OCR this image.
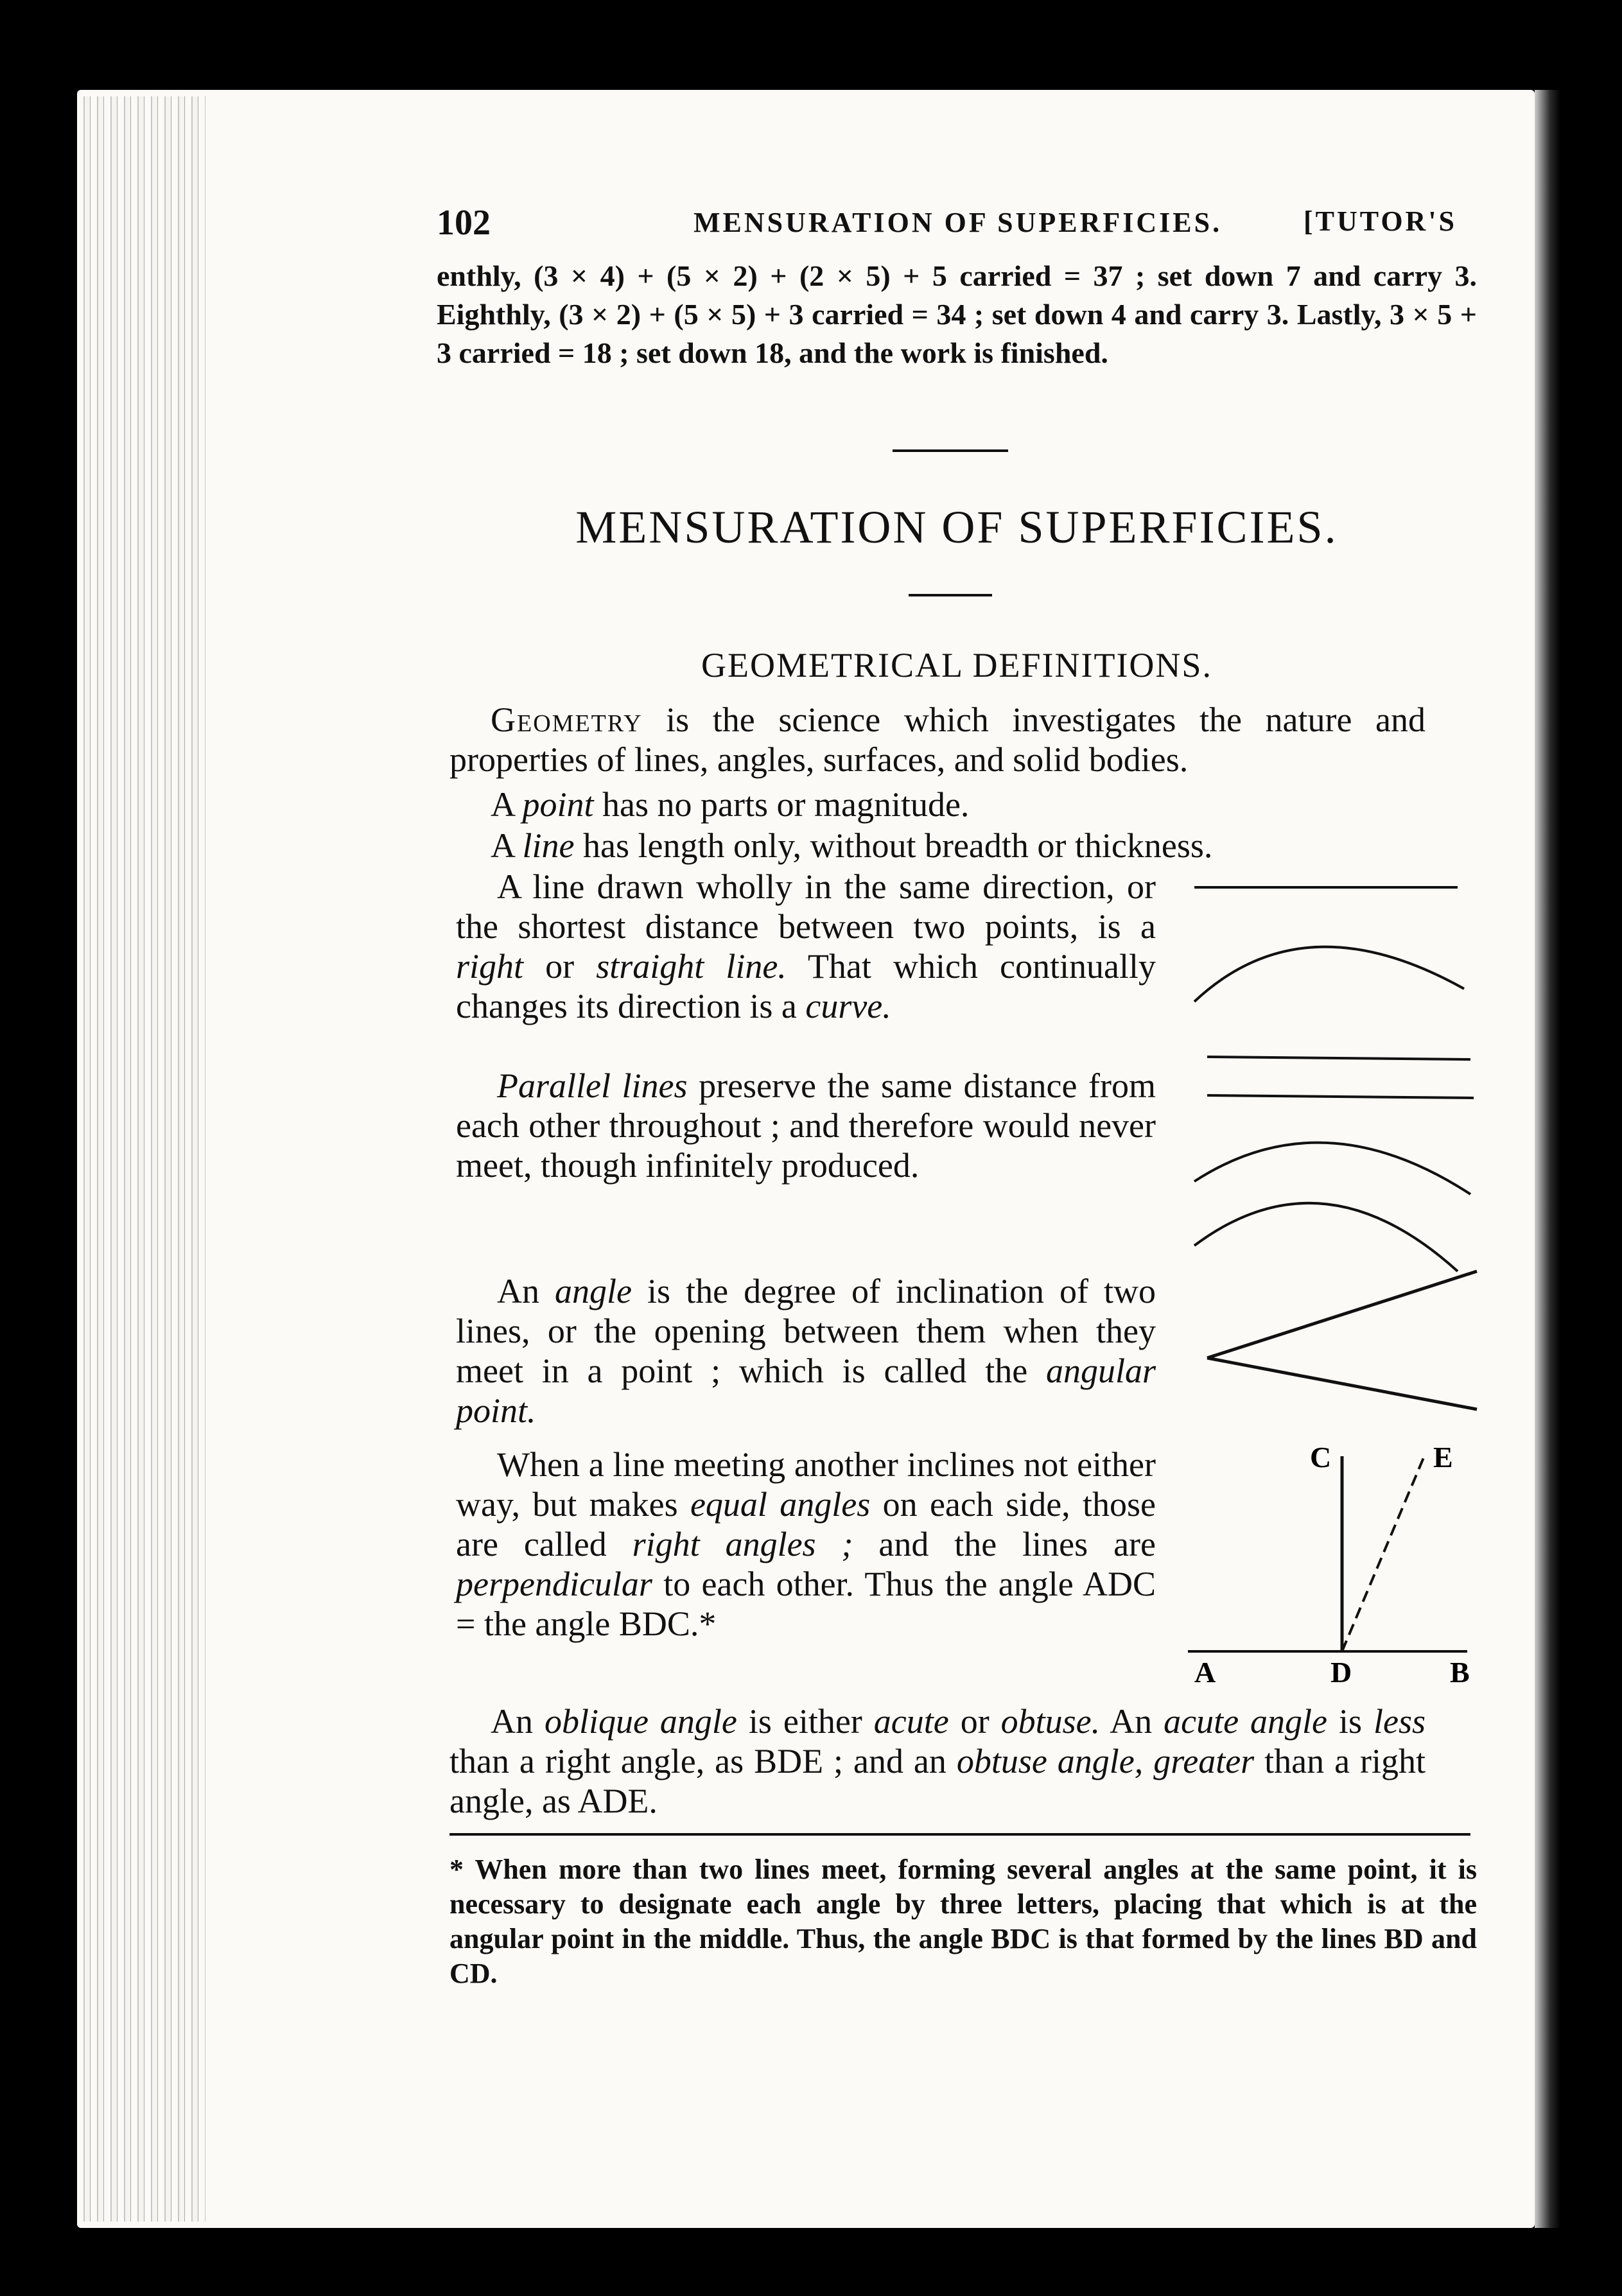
102	MENSURATION OF SUPERFICIES.	[TUTOR'S
enthly, (3 × 4) + (5 × 2) + (2 × 5) + 5 carried = 37 ; set down 7 and carry 3. Eighthly, (3 × 2) + (5 × 5) + 3 carried = 34 ; set down 4 and carry 3. Lastly, 3 × 5 + 3 carried = 18 ; set down 18, and the work is finished.
MENSURATION OF SUPERFICIES.
GEOMETRICAL DEFINITIONS.
Geometry is the science which investigates the nature and properties of lines, angles, surfaces, and solid bodies.
A point has no parts or magnitude.
A line has length only, without breadth or thickness.
A line drawn wholly in the same direction, or the shortest distance between two points, is a right or straight line. That which continually changes its direction is a curve.
Parallel lines preserve the same distance from each other throughout ; and therefore would never meet, though infinitely produced.
An angle is the degree of inclination of two lines, or the opening between them when they meet in a point ; which is called the angular point.
When a line meeting another inclines not either way, but makes equal angles on each side, those are called right angles ; and the lines are perpendicular to each other. Thus the angle ADC = the angle BDC.*
An oblique angle is either acute or obtuse. An acute angle is less than a right angle, as BDE ; and an obtuse angle, greater than a right angle, as ADE.
C	E
A	D	B
* When more than two lines meet, forming several angles at the same point, it is necessary to designate each angle by three letters, placing that which is at the angular point in the middle. Thus, the angle BDC is that formed by the lines BD and CD.
